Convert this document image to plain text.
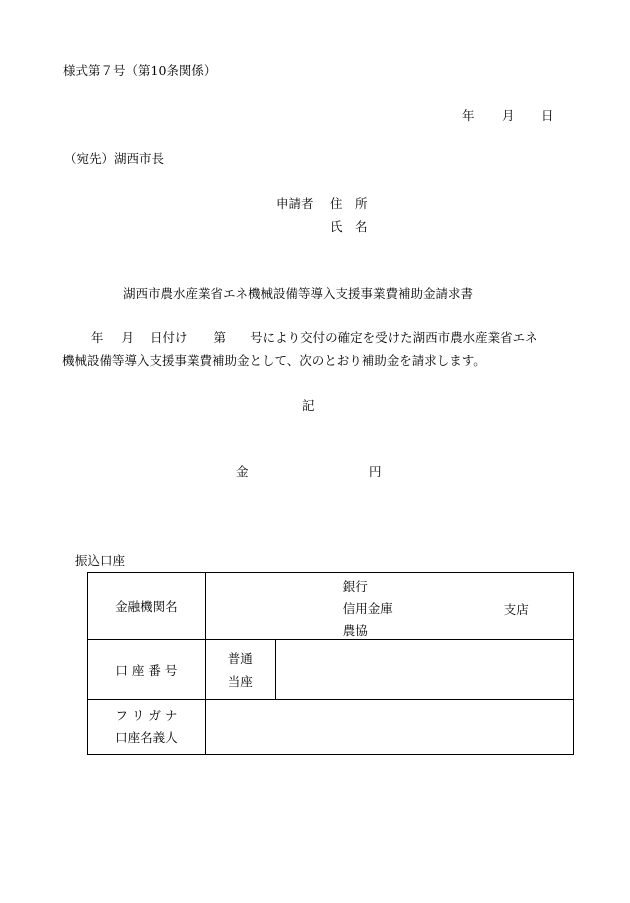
様式第７号（第10条関係）
年 月 日
（宛先）湖西市長
申請者 住　所
氏　名
湖西市農水産業省エネ機械設備等導入支援事業費補助金請求書
年 月 日付け 第 号により交付の確定を受けた湖西市農水産業省エネ
機械設備等導入支援事業費補助金として、次のとおり補助金を請求します。
記
金	円
振込口座
金融機関名	銀行
信用金庫
農協
支店	

口 座 番 号	普通
当座	

フ リ ガ ナ
口座名義人		
